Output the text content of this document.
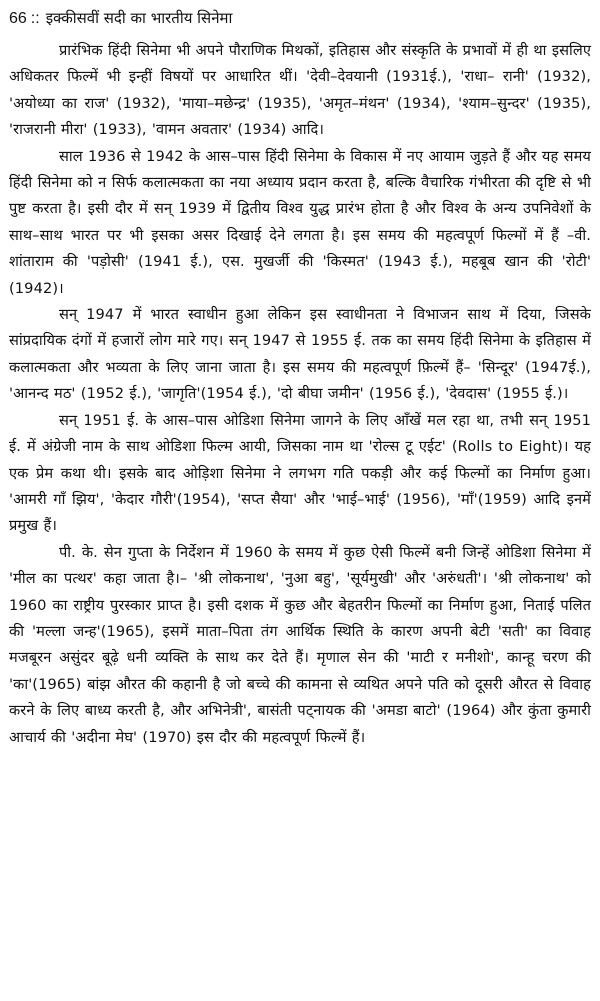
66 :: इक्कीसवीं सदी का भारतीय सिनेमा

प्रारंभिक हिंदी सिनेमा भी अपने पौराणिक मिथकों, इतिहास और संस्कृति के प्रभावों में ही था इसलिए अधिकतर फिल्में भी इन्हीं विषयों पर आधारित थीं। 'देवी–देवयानी (1931ई.), 'राधा– रानी' (1932), 'अयोध्या का राज' (1932), 'माया–मछेन्द्र' (1935), 'अमृत–मंथन' (1934), 'श्याम–सुन्दर' (1935), 'राजरानी मीरा' (1933), 'वामन अवतार' (1934) आदि।

साल 1936 से 1942 के आस–पास हिंदी सिनेमा के विकास में नए आयाम जुड़ते हैं और यह समय हिंदी सिनेमा को न सिर्फ कलात्मकता का नया अध्याय प्रदान करता है, बल्कि वैचारिक गंभीरता की दृष्टि से भी पुष्ट करता है। इसी दौर में सन् 1939 में द्वितीय विश्व युद्ध प्रारंभ होता है और विश्व के अन्य उपनिवेशों के साथ–साथ भारत पर भी इसका असर दिखाई देने लगता है। इस समय की महत्वपूर्ण फिल्मों में हैं –वी. शांताराम की 'पड़ोसी' (1941 ई.), एस. मुखर्जी की 'किस्मत' (1943 ई.), महबूब खान की 'रोटी' (1942)।

सन् 1947 में भारत स्वाधीन हुआ लेकिन इस स्वाधीनता ने विभाजन साथ में दिया, जिसके सांप्रदायिक दंगों में हजारों लोग मारे गए। सन् 1947 से 1955 ई. तक का समय हिंदी सिनेमा के इतिहास में कलात्मकता और भव्यता के लिए जाना जाता है। इस समय की महत्वपूर्ण फ़िल्में हैं– 'सिन्दूर' (1947ई.), 'आनन्द मठ' (1952 ई.), 'जागृति'(1954 ई.), 'दो बीघा जमीन' (1956 ई.), 'देवदास' (1955 ई.)।

सन् 1951 ई. के आस–पास ओडिशा सिनेमा जागने के लिए आँखें मल रहा था, तभी सन् 1951 ई. में अंग्रेजी नाम के साथ ओडिशा फिल्म आयी, जिसका नाम था 'रोल्स टू एईट' (Rolls to Eight)। यह एक प्रेम कथा थी। इसके बाद ओड़िशा सिनेमा ने लगभग गति पकड़ी और कई फिल्मों का निर्माण हुआ। 'आमरी गाँ झिय', 'केदार गौरी'(1954), 'सप्त सैया' और 'भाई–भाई' (1956), 'माँ'(1959) आदि इनमें प्रमुख हैं।

पी. के. सेन गुप्ता के निर्देशन में 1960 के समय में कुछ ऐसी फिल्में बनी जिन्हें ओडिशा सिनेमा में 'मील का पत्थर' कहा जाता है।– 'श्री लोकनाथ', 'नुआ बहु', 'सूर्यमुखी' और 'अरुंधती'। 'श्री लोकनाथ' को 1960 का राष्ट्रीय पुरस्कार प्राप्त है। इसी दशक में कुछ और बेहतरीन फिल्मों का निर्माण हुआ, निताई पलित की 'मल्ला जन्ह'(1965), इसमें माता–पिता तंग आर्थिक स्थिति के कारण अपनी बेटी 'सती' का विवाह मजबूरन असुंदर बूढ़े धनी व्यक्ति के साथ कर देते हैं। मृणाल सेन की 'माटी र मनीशो', कान्हू चरण की 'का'(1965) बांझ औरत की कहानी है जो बच्चे की कामना से व्यथित अपने पति को दूसरी औरत से विवाह करने के लिए बाध्य करती है, और अभिनेत्री', बासंती पट्नायक की 'अमडा बाटो' (1964) और कुंता कुमारी आचार्य की 'अदीना मेघ' (1970) इस दौर की महत्वपूर्ण फिल्में हैं।
